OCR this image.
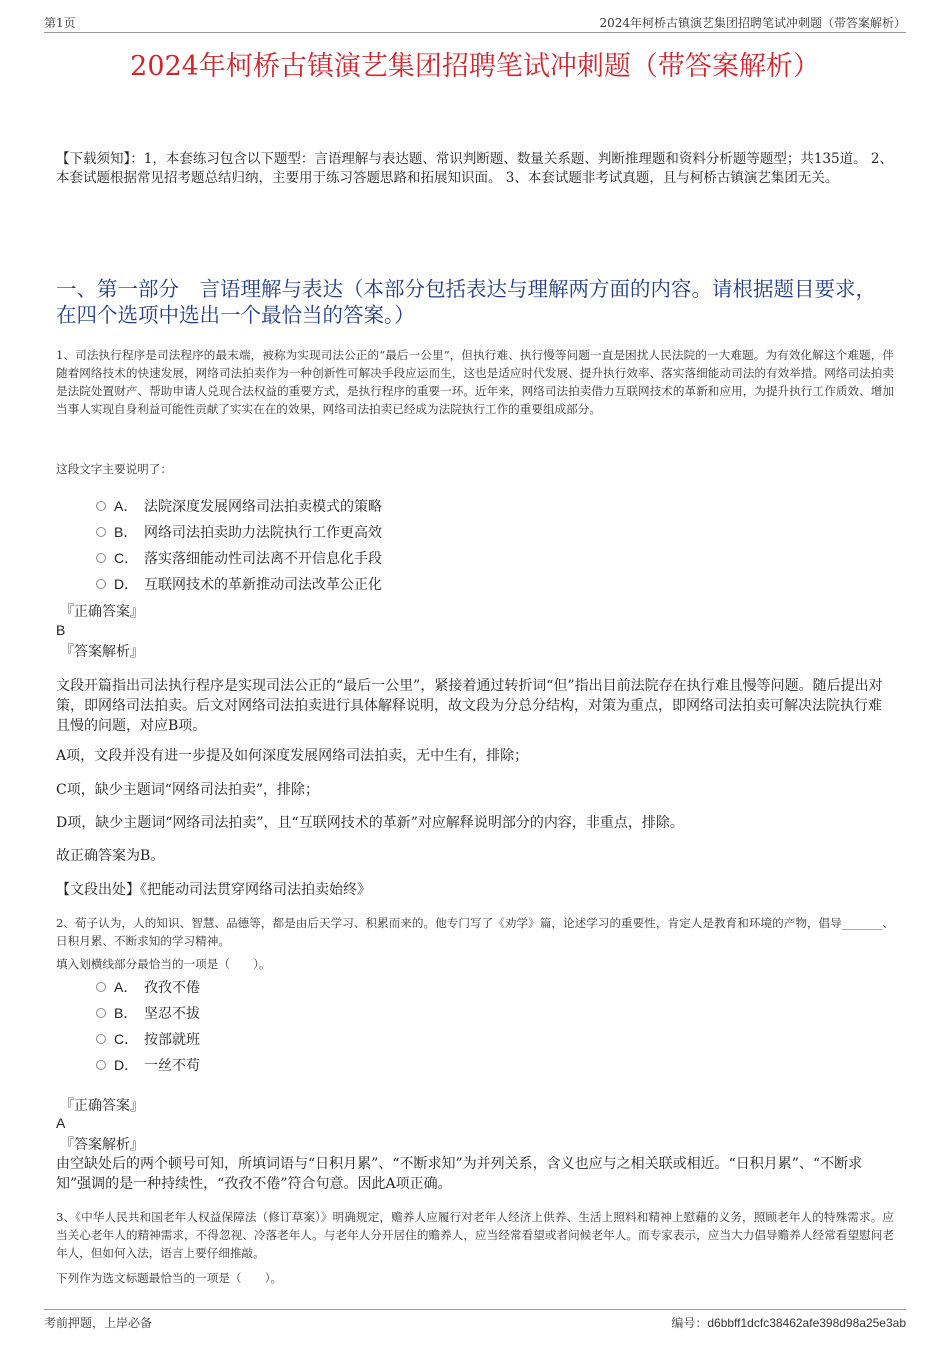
第1页	2024年柯桥古镇演艺集团招聘笔试冲刺题（带答案解析）
2024年柯桥古镇演艺集团招聘笔试冲刺题（带答案解析）
【下载须知】：1，本套练习包含以下题型：言语理解与表达题、常识判断题、数量关系题、判断推理题和资料分析题等题型；共135道。 2、本套试题根据常见招考题总结归纳，主要用于练习答题思路和拓展知识面。 3、本套试题非考试真题，且与柯桥古镇演艺集团无关。
一、第一部分　言语理解与表达（本部分包括表达与理解两方面的内容。请根据题目要求，在四个选项中选出一个最恰当的答案。）
1、司法执行程序是司法程序的最末端，被称为实现司法公正的“最后一公里”，但执行难、执行慢等问题一直是困扰人民法院的一大难题。为有效化解这个难题，伴随着网络技术的快速发展，网络司法拍卖作为一种创新性可解决手段应运而生，这也是适应时代发展、提升执行效率、落实落细能动司法的有效举措。网络司法拍卖是法院处置财产、帮助申请人兑现合法权益的重要方式，是执行程序的重要一环。近年来，网络司法拍卖借力互联网技术的革新和应用，为提升执行工作质效、增加当事人实现自身利益可能性贡献了实实在在的效果，网络司法拍卖已经成为法院执行工作的重要组成部分。
这段文字主要说明了：
A． 法院深度发展网络司法拍卖模式的策略
B． 网络司法拍卖助力法院执行工作更高效
C． 落实落细能动性司法离不开信息化手段
D． 互联网技术的革新推动司法改革公正化
『正确答案』
B
『答案解析』
文段开篇指出司法执行程序是实现司法公正的“最后一公里”，紧接着通过转折词“但”指出目前法院存在执行难且慢等问题。随后提出对策，即网络司法拍卖。后文对网络司法拍卖进行具体解释说明，故文段为分总分结构，对策为重点，即网络司法拍卖可解决法院执行难且慢的问题，对应B项。
A项，文段并没有进一步提及如何深度发展网络司法拍卖，无中生有，排除；
C项，缺少主题词“网络司法拍卖”，排除；
D项，缺少主题词“网络司法拍卖”，且“互联网技术的革新”对应解释说明部分的内容，非重点，排除。
故正确答案为B。
【文段出处】《把能动司法贯穿网络司法拍卖始终》
2、荀子认为，人的知识、智慧、品德等，都是由后天学习、积累而来的。他专门写了《劝学》篇，论述学习的重要性，肯定人是教育和环境的产物，倡导_______、日积月累、不断求知的学习精神。
填入划横线部分最恰当的一项是（　　）。
A． 孜孜不倦
B． 坚忍不拔
C． 按部就班
D． 一丝不苟
『正确答案』
A
『答案解析』
由空缺处后的两个顿号可知，所填词语与“日积月累”、“不断求知”为并列关系，含义也应与之相关联或相近。“日积月累”、“不断求知”强调的是一种持续性，“孜孜不倦”符合句意。因此A项正确。
3、《中华人民共和国老年人权益保障法（修订草案）》明确规定，赡养人应履行对老年人经济上供养、生活上照料和精神上慰藉的义务，照顾老年人的特殊需求。应当关心老年人的精神需求，不得忽视、冷落老年人。与老年人分开居住的赡养人，应当经常看望或者问候老年人。而专家表示，应当大力倡导赡养人经常看望慰问老年人，但如何入法，语言上要仔细推敲。
下列作为选文标题最恰当的一项是（　　）。
考前押题，上岸必备	编号：d6bbff1dcfc38462afe398d98a25e3ab
